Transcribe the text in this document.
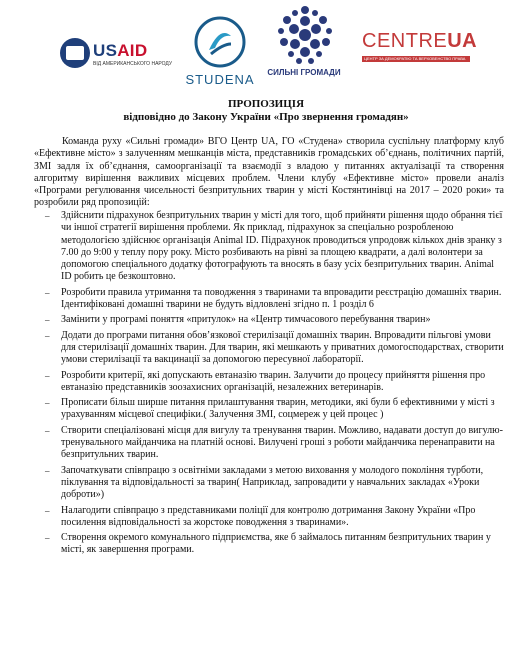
USAID
ВІД АМЕРИКАНСЬКОГО НАРОДУ
STUDENA	СИЛЬНІ ГРОМАДИ
CENTREUA
ЦЕНТР ЗА ДЕМОКРАТІЮ ТА ВЕРХОВЕНСТВО ПРАВА
ПРОПОЗИЦІЯ
відповідно до Закону України «Про звернення громадян»
Команда руху «Сильні громади» ВГО Центр UA, ГО «Студена» створила суспільну платформу клуб «Ефективне місто» з залученням мешканців міста, представників громадських об’єднань, політичних партій, ЗМІ задля їх об’єднання, самоорганізації та взаємодії з владою у питаннях актуалізації та створення алгоритму вирішення важливих місцевих проблем. Члени клубу «Ефективне місто» провели аналіз «Програми регулювання чисельності безпритульних тварин у місті Костянтинівці на 2017 – 2020 роки» та розробили ряд пропозицій:
– Здійснити підрахунок безпритульних тварин у місті для того, щоб прийняти рішення щодо обрання тієї чи іншої стратегії вирішення проблеми. Як приклад, підрахунок за спеціально розробленою методологією здійснює організація Animal ID. Підрахунок проводиться упродовж кількох днів зранку з 7.00 до 9:00 у теплу пору року. Місто розбивають на рівні за площею квадрати, а далі волонтери за допомогою спеціального додатку фотографують та вносять в базу усіх безпритульних тварин. Animal ID робить це безкоштовно.
– Розробити правила утримання та поводження з тваринами та впровадити реєстрацію домашніх тварин. Ідентифіковані домашні тварини не будуть відловлені згідно п. 1 розділ 6
– Замінити у програмі поняття «притулок» на «Центр тимчасового перебування тварин»
– Додати до програми питання обов’язкової стерилізації домашніх тварин. Впровадити пільгові умови для стерилізації домашніх тварин. Для тварин, які мешкають у приватних домогосподарствах, створити умови стерилізації та вакцинації за допомогою пересувної лабораторії.
– Розробити критерії, які допускають евтаназію тварин. Залучити до процесу прийняття рішення про евтаназію представників зоозахисних організацій, незалежних ветеринарів.
– Прописати більш ширше питання прилаштування тварин, методики, які були б ефективними у місті з урахуванням місцевої специфіки.( Залучення ЗМІ, соцмереж у цей процес )
– Створити спеціалізовані місця для вигулу та тренування тварин. Можливо, надавати доступ до вигулю-тренувального майданчика на платній основі. Вилучені гроші з роботи майданчика перенаправити на безпритульних тварин.
– Започаткувати співпрацю з освітніми закладами з метою виховання у молодого покоління турботи, піклування та відповідальності за тварин( Наприклад, запровадити у навчальних закладах «Уроки доброти»)
– Налагодити співпрацю з представниками поліції для контролю дотримання Закону України «Про посилення відповідальності за жорстоке поводження з тваринами».
– Створення окремого комунального підприємства, яке б займалось питанням безпритульних тварин у місті, як завершення програми.
